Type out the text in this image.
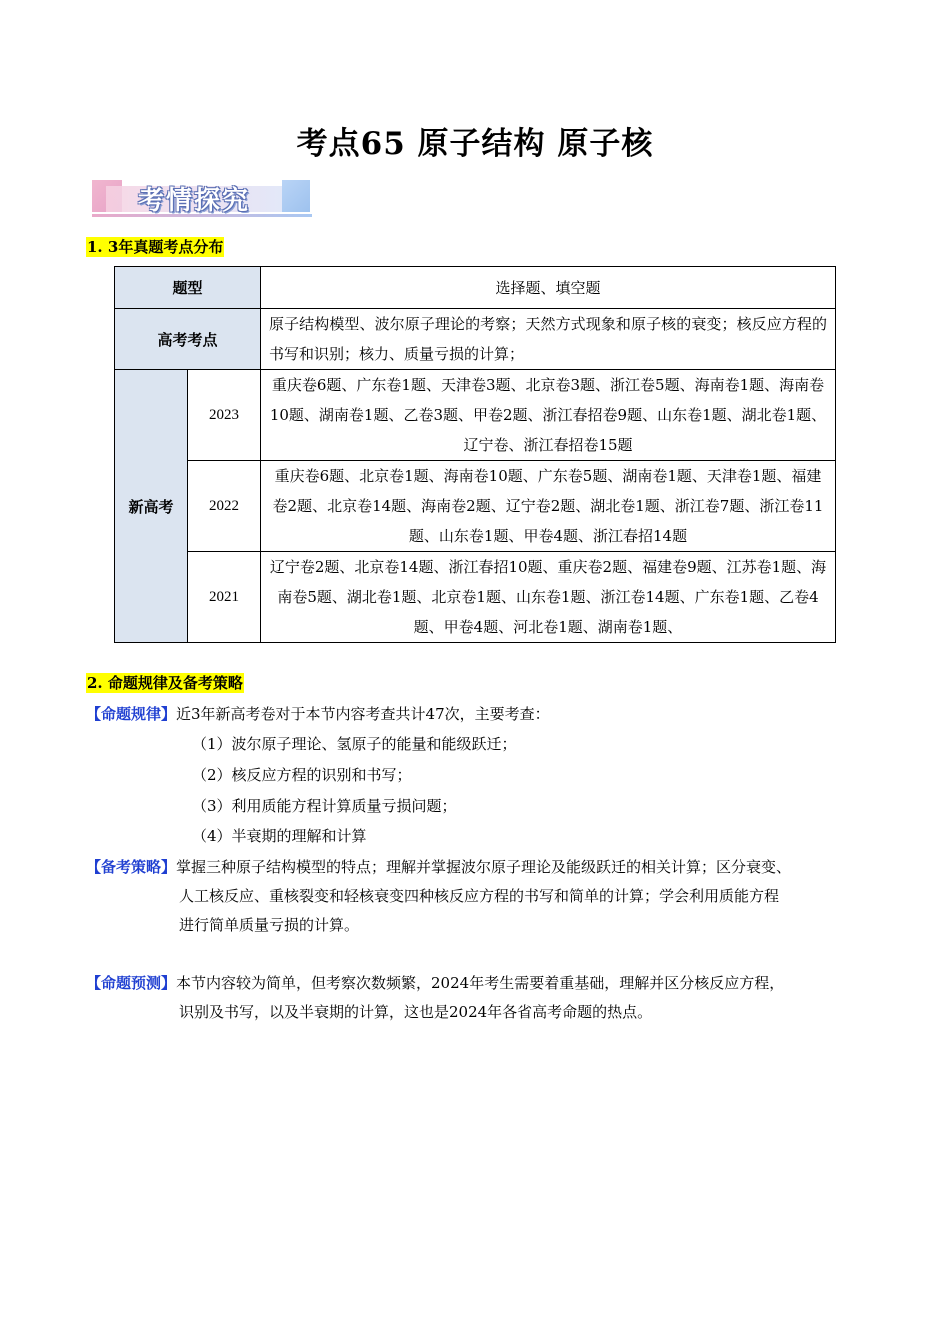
考点65 原子结构 原子核
考情探究
1. 3年真题考点分布
题型		选择题、填空题
高考考点		原子结构模型、波尔原子理论的考察；天然方式现象和原子核的衰变；核反应方程的书写和识别；核力、质量亏损的计算；
新高考	2023	重庆卷6题、广东卷1题、天津卷3题、北京卷3题、浙江卷5题、海南卷1题、海南卷10题、湖南卷1题、乙卷3题、甲卷2题、浙江春招卷9题、山东卷1题、湖北卷1题、辽宁卷、浙江春招卷15题
	2022	重庆卷6题、北京卷1题、海南卷10题、广东卷5题、湖南卷1题、天津卷1题、福建卷2题、北京卷14题、海南卷2题、辽宁卷2题、湖北卷1题、浙江卷7题、浙江卷11题、山东卷1题、甲卷4题、浙江春招14题
	2021	辽宁卷2题、北京卷14题、浙江春招10题、重庆卷2题、福建卷9题、江苏卷1题、海南卷5题、湖北卷1题、北京卷1题、山东卷1题、浙江卷14题、广东卷1题、乙卷4题、甲卷4题、河北卷1题、湖南卷1题、
2. 命题规律及备考策略
【命题规律】近3年新高考卷对于本节内容考查共计47次，主要考查：
（1）波尔原子理论、氢原子的能量和能级跃迁；
（2）核反应方程的识别和书写；
（3）利用质能方程计算质量亏损问题；
（4）半衰期的理解和计算
【备考策略】掌握三种原子结构模型的特点；理解并掌握波尔原子理论及能级跃迁的相关计算；区分衰变、
人工核反应、重核裂变和轻核衰变四种核反应方程的书写和简单的计算；学会利用质能方程
进行简单质量亏损的计算。
【命题预测】本节内容较为简单，但考察次数频繁，2024年考生需要着重基础，理解并区分核反应方程，
识别及书写，以及半衰期的计算，这也是2024年各省高考命题的热点。
